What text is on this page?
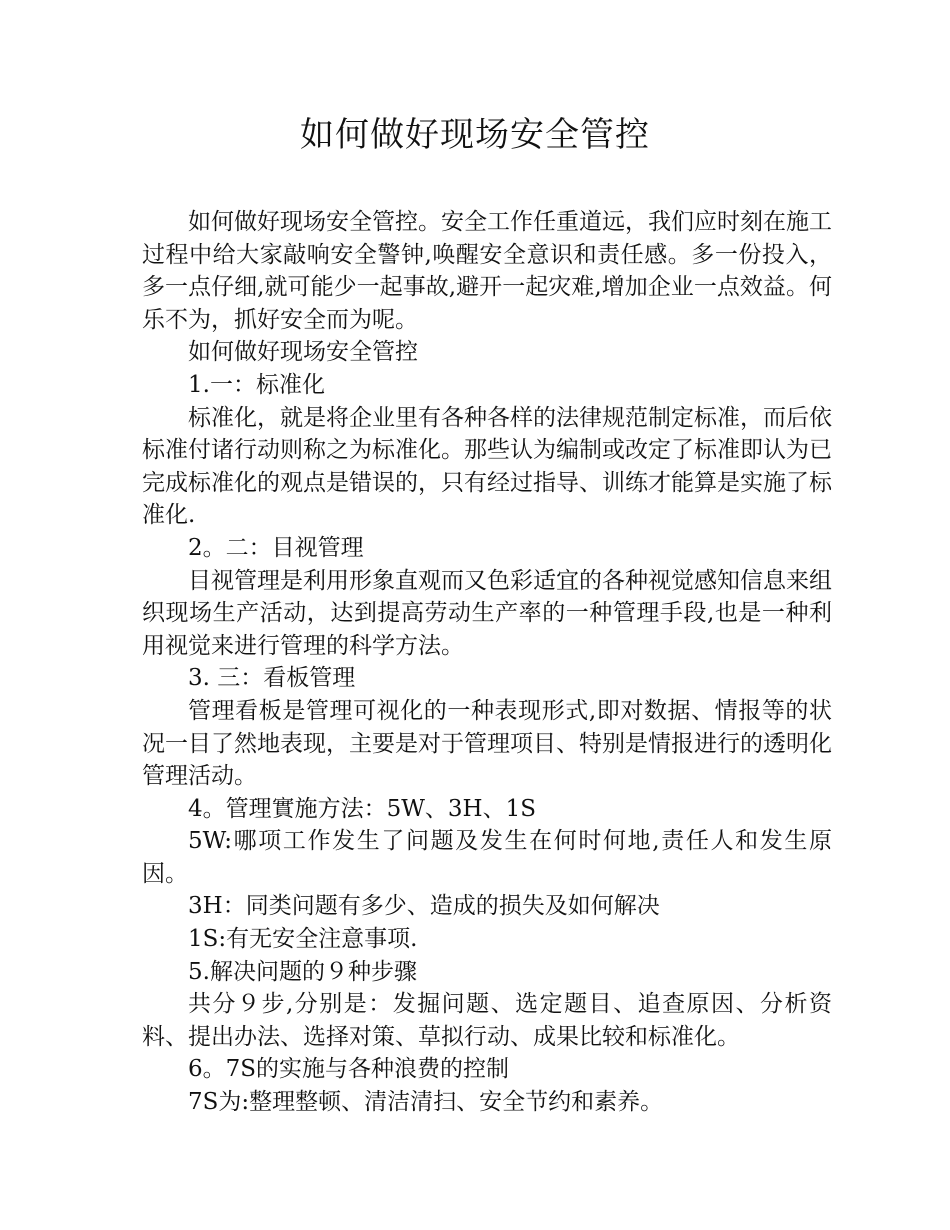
如何做好现场安全管控

如何做好现场安全管控。安全工作任重道远，我们应时刻在施工过程中给大家敲响安全警钟,唤醒安全意识和责任感。多一份投入，多一点仔细,就可能少一起事故,避开一起灾难,增加企业一点效益。何乐不为，抓好安全而为呢。

如何做好现场安全管控

1.一：标准化

标准化，就是将企业里有各种各样的法律规范制定标准，而后依标准付诸行动则称之为标准化。那些认为编制或改定了标准即认为已完成标准化的观点是错误的，只有经过指导、训练才能算是实施了标准化.

2。二：目视管理

目视管理是利用形象直观而又色彩适宜的各种视觉感知信息来组织现场生产活动，达到提高劳动生产率的一种管理手段,也是一种利用视觉来进行管理的科学方法。

3. 三：看板管理

管理看板是管理可视化的一种表现形式,即对数据、情报等的状况一目了然地表现，主要是对于管理项目、特别是情报进行的透明化管理活动。

4。管理實施方法：5W、3H、1S

5W:哪项工作发生了问题及发生在何时何地,责任人和发生原因。

3H：同类问题有多少、造成的损失及如何解决

1S:有无安全注意事项.

5.解决问题的９种步骤

共分９步,分别是：发掘问题、选定题目、追查原因、分析资料、提出办法、选择对策、草拟行动、成果比较和标准化。

6。7S的实施与各种浪费的控制

7S为:整理整顿、清洁清扫、安全节约和素养。
